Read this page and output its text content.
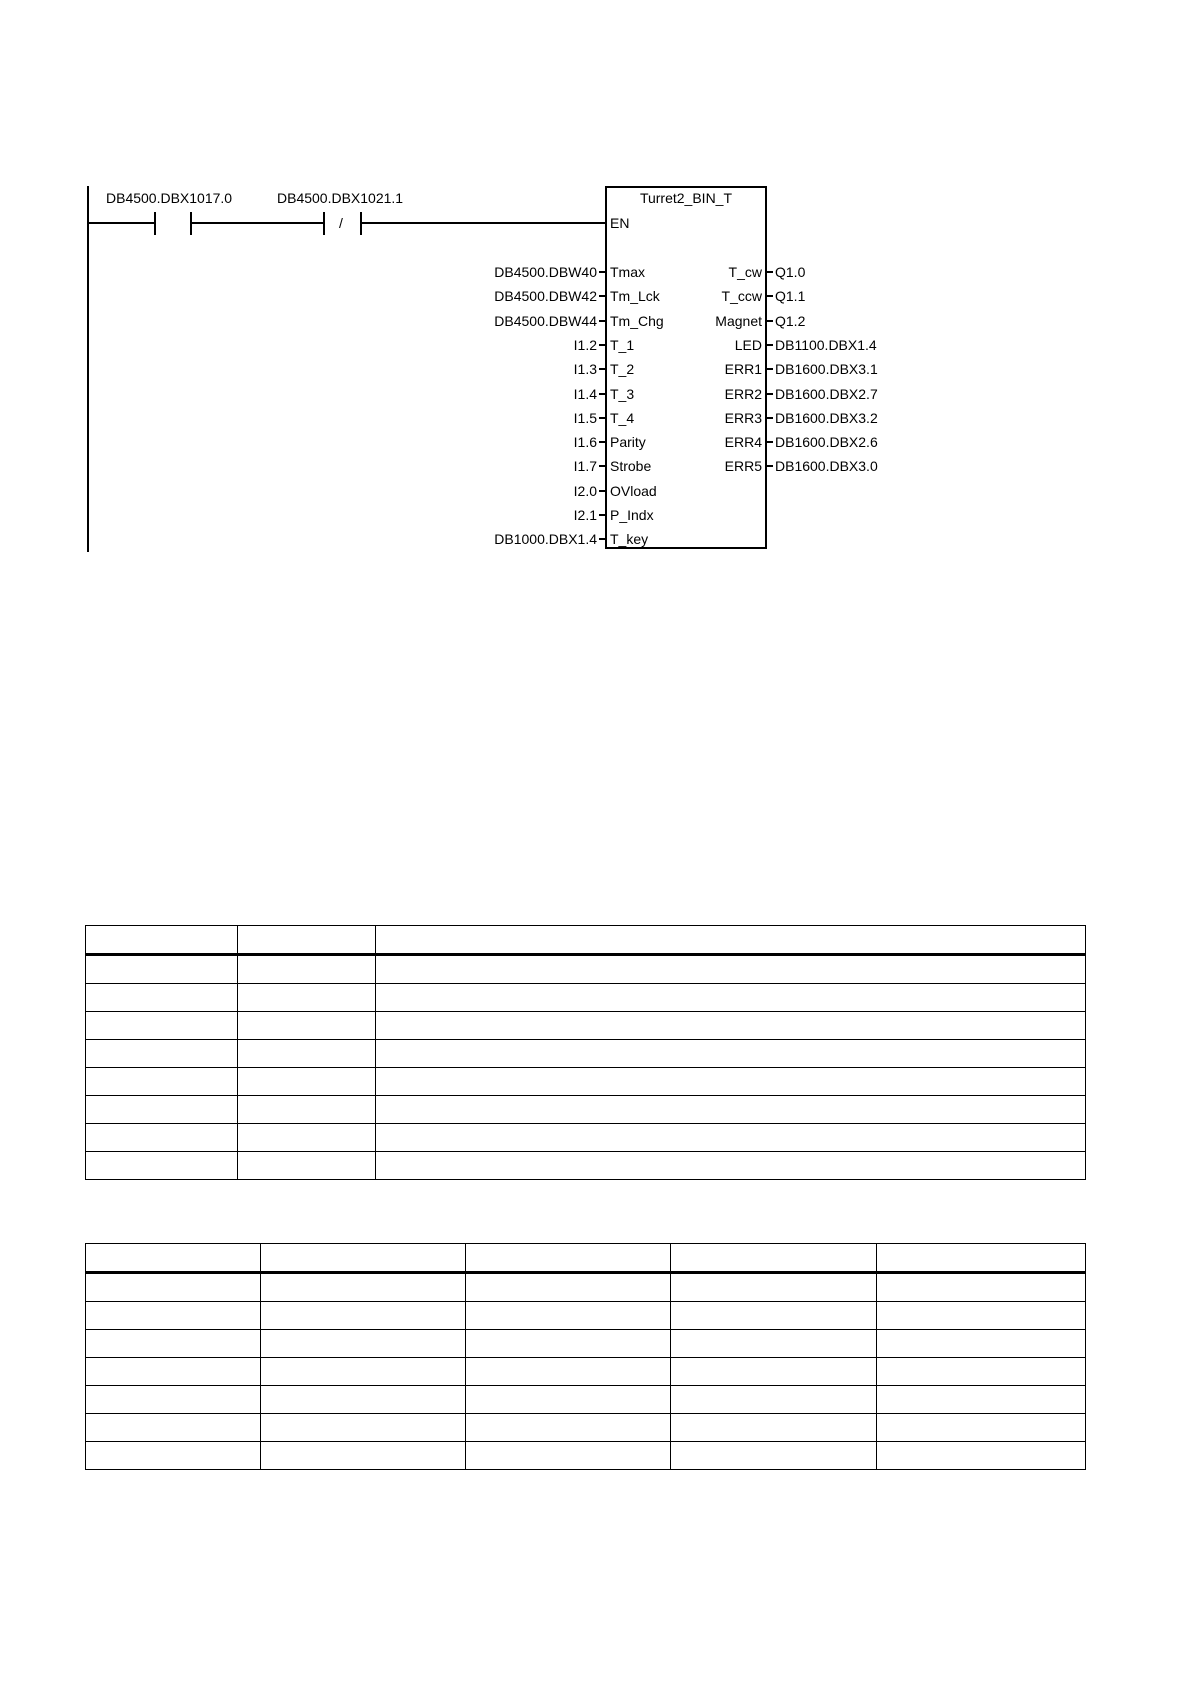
DB4500.DBX1017.0	DB4500.DBX1021.1
/
Turret2_BIN_T
EN
DB4500.DBW40 Tmax
DB4500.DBW42 Tm_Lck
DB4500.DBW44 Tm_Chg
I1.2 T_1
I1.3 T_2
I1.4 T_3
I1.5 T_4
I1.6 Parity
I1.7 Strobe
I2.0 OVload
I2.1 P_Indx
DB1000.DBX1.4 T_key
T_cw Q1.0
T_ccw Q1.1
Magnet Q1.2
LED DB1100.DBX1.4
ERR1 DB1600.DBX3.1
ERR2 DB1600.DBX2.7
ERR3 DB1600.DBX3.2
ERR4 DB1600.DBX2.6
ERR5 DB1600.DBX3.0
